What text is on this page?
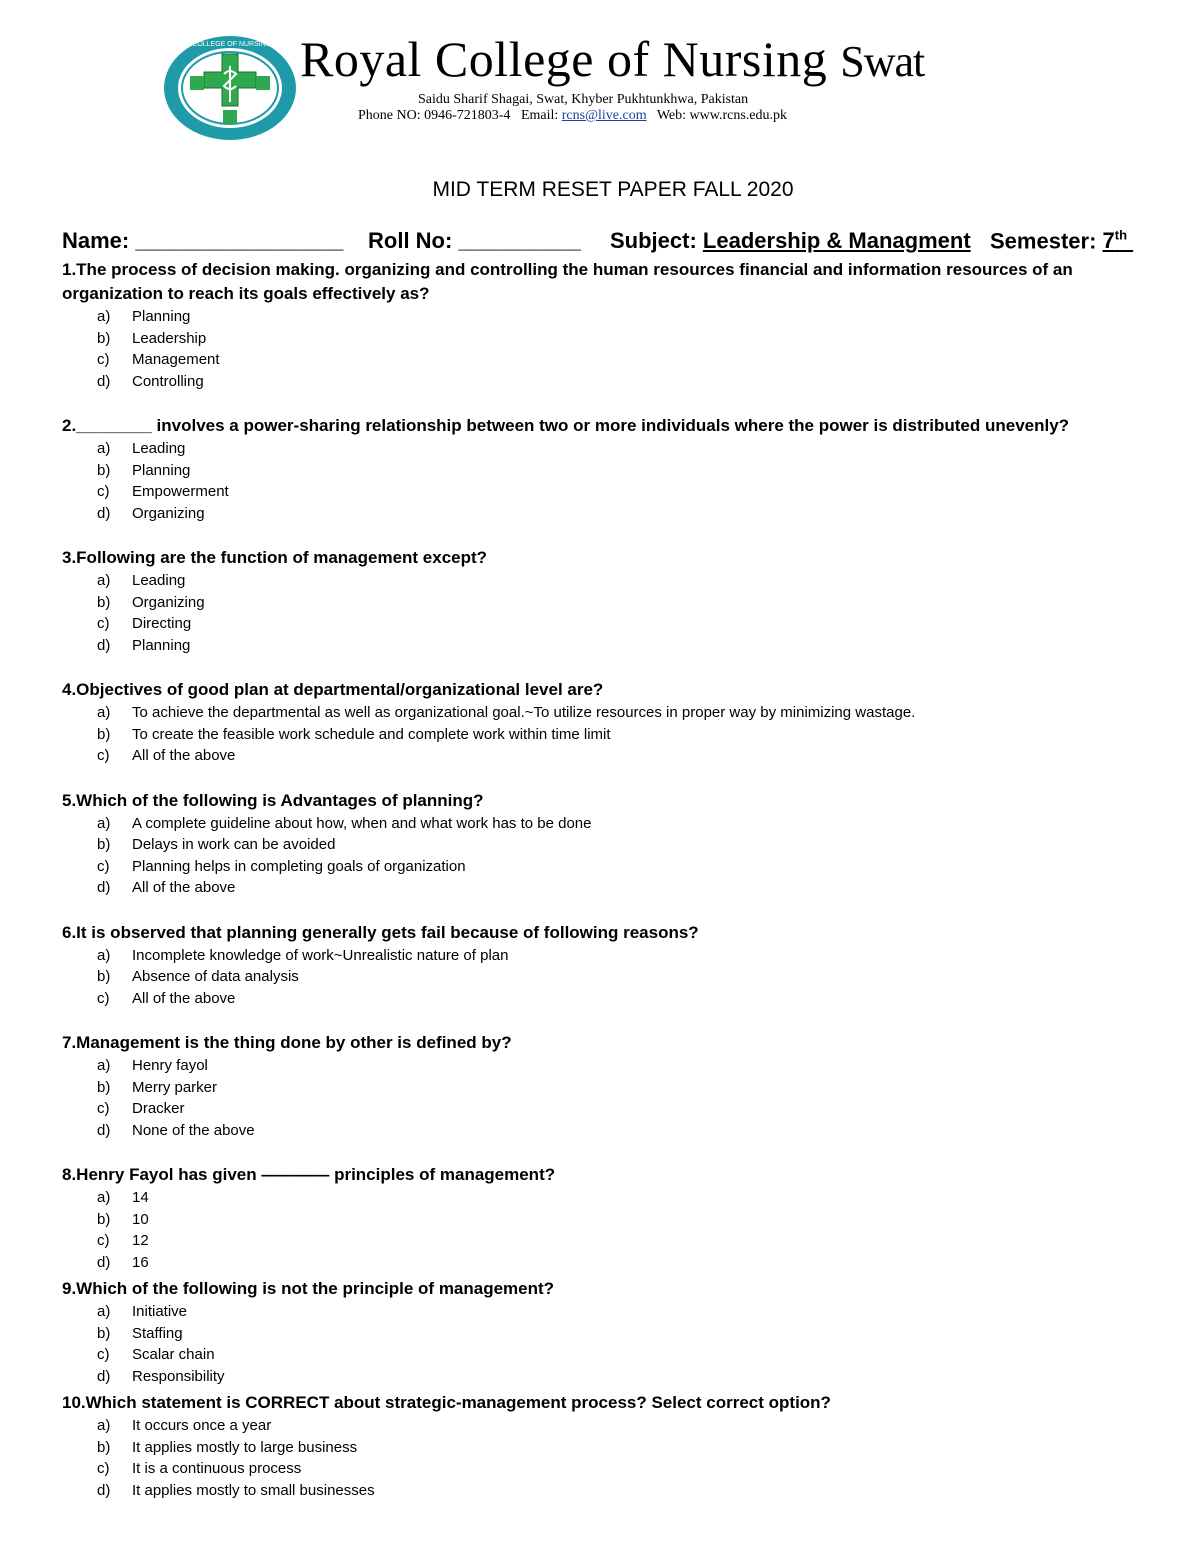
ROYAL COLLEGE OF NURSING SWAT Royal College of Nursing Swat
Saidu Sharif Shagai, Swat, Khyber Pukhtunkhwa, Pakistan
Phone NO: 0946-721803-4 Email: rcns@live.com Web: www.rcns.edu.pk
MID TERM RESET PAPER FALL 2020
Name: _________________ Roll No: __________ Subject: Leadership & Managment Semester: 7th
1.The process of decision making. organizing and controlling the human resources financial and information resources of an organization to reach its goals effectively as?
a)	Planning
b)	Leadership
c)	Management
d)	Controlling
2.________ involves a power-sharing relationship between two or more individuals where the power is distributed unevenly?
a)	Leading
b)	Planning
c)	Empowerment
d)	Organizing
3.Following are the function of management except?
a)	Leading
b)	Organizing
c)	Directing
d)	Planning
4.Objectives of good plan at departmental/organizational level are?
a)	To achieve the departmental as well as organizational goal.~To utilize resources in proper way by minimizing wastage.
b)	To create the feasible work schedule and complete work within time limit
c)	All of the above
5.Which of the following is Advantages of planning?
a)	A complete guideline about how, when and what work has to be done
b)	Delays in work can be avoided
c)	Planning helps in completing goals of organization
d)	All of the above
6.It is observed that planning generally gets fail because of following reasons?
a)	Incomplete knowledge of work~Unrealistic nature of plan
b)	Absence of data analysis
c)	All of the above
7.Management is the thing done by other is defined by?
a)	Henry fayol
b)	Merry parker
c)	Dracker
d)	None of the above
8.Henry Fayol has given ———— principles of management?
a)	14
b)	10
c)	12
d)	16
9.Which of the following is not the principle of management?
a)	Initiative
b)	Staffing
c)	Scalar chain
d)	Responsibility
10.Which statement is CORRECT about strategic-management process? Select correct option?
a)	It occurs once a year
b)	It applies mostly to large business
c)	It is a continuous process
d)	It applies mostly to small businesses
